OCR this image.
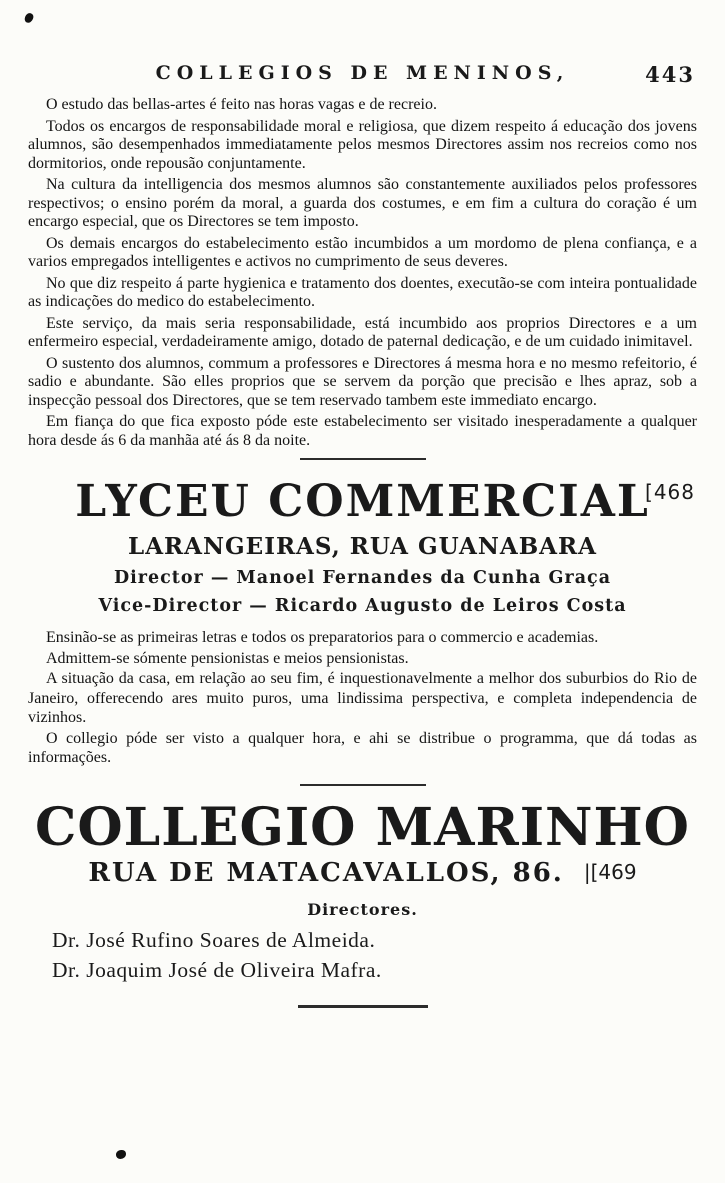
COLLEGIOS DE MENINOS,	443

O estudo das bellas-artes é feito nas horas vagas e de recreio.

Todos os encargos de responsabilidade moral e religiosa, que dizem respeito á educação dos jovens alumnos, são desempenhados immediatamente pelos mesmos Directores assim nos recreios como nos dormitorios, onde repousão conjuntamente.

Na cultura da intelligencia dos mesmos alumnos são constantemente auxiliados pelos professores respectivos; o ensino porém da moral, a guarda dos costumes, e em fim a cultura do coração é um encargo especial, que os Directores se tem imposto.

Os demais encargos do estabelecimento estão incumbidos a um mordomo de plena confiança, e a varios empregados intelligentes e activos no cumprimento de seus deveres.

No que diz respeito á parte hygienica e tratamento dos doentes, executão-se com inteira pontualidade as indicações do medico do estabelecimento.

Este serviço, da mais seria responsabilidade, está incumbido aos proprios Directores e a um enfermeiro especial, verdadeiramente amigo, dotado de paternal dedicação, e de um cuidado inimitavel.

O sustento dos alumnos, commum a professores e Directores á mesma hora e no mesmo refeitorio, é sadio e abundante. São elles proprios que se servem da porção que precisão e lhes apraz, sob a inspecção pessoal dos Directores, que se tem reservado tambem este immediato encargo.

Em fiança do que fica exposto póde este estabelecimento ser visitado inesperadamente a qualquer hora desde ás 6 da manhãa até ás 8 da noite.

LYCEU COMMERCIAL
[468
LARANGEIRAS, RUA GUANABARA
Director — Manoel Fernandes da Cunha Graça
Vice-Director — Ricardo Augusto de Leiros Costa

Ensinão-se as primeiras letras e todos os preparatorios para o commercio e academias.

Admittem-se sómente pensionistas e meios pensionistas.

A situação da casa, em relação ao seu fim, é inquestionavelmente a melhor dos suburbios do Rio de Janeiro, offerecendo ares muito puros, uma lindissima perspectiva, e completa independencia de vizinhos.

O collegio póde ser visto a qualquer hora, e ahi se distribue o programma, que dá todas as informações.

COLLEGIO MARINHO
RUA DE MATACAVALLOS, 86. |[469
Directores.
Dr. José Rufino Soares de Almeida.
Dr. Joaquim José de Oliveira Mafra.
